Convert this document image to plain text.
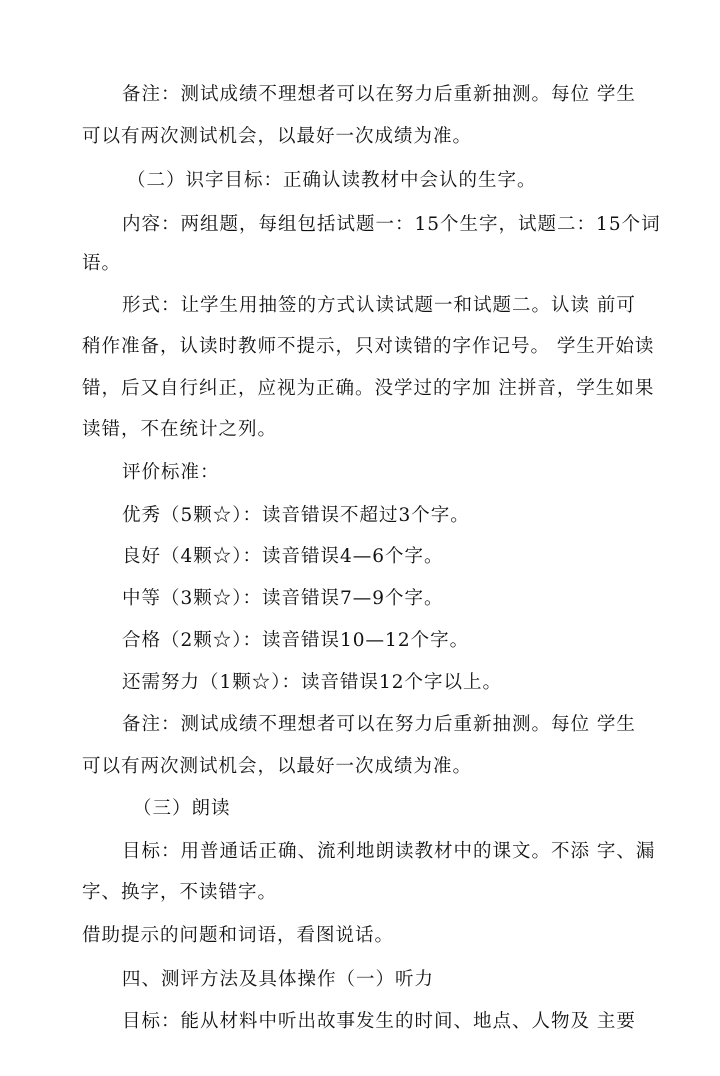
备注：测试成绩不理想者可以在努力后重新抽测。每位 学生
可以有两次测试机会，以最好一次成绩为准。
（二）识字目标：正确认读教材中会认的生字。
内容：两组题，每组包括试题一：15个生字，试题二：15个词
语。
形式：让学生用抽签的方式认读试题一和试题二。认读 前可
稍作准备，认读时教师不提示，只对读错的字作记号。 学生开始读
错，后又自行纠正，应视为正确。没学过的字加 注拼音，学生如果
读错，不在统计之列。
评价标准：
优秀（5颗☆）：读音错误不超过3个字。
良好（4颗☆）：读音错误4—6个字。
中等（3颗☆）：读音错误7—9个字。
合格（2颗☆）：读音错误10—12个字。
还需努力（1颗☆）：读音错误12个字以上。
备注：测试成绩不理想者可以在努力后重新抽测。每位 学生
可以有两次测试机会，以最好一次成绩为准。
（三）朗读
目标：用普通话正确、流利地朗读教材中的课文。不添 字、漏
字、换字，不读错字。
借助提示的问题和词语，看图说话。
四、测评方法及具体操作（一）听力
目标：能从材料中听出故事发生的时间、地点、人物及 主要
